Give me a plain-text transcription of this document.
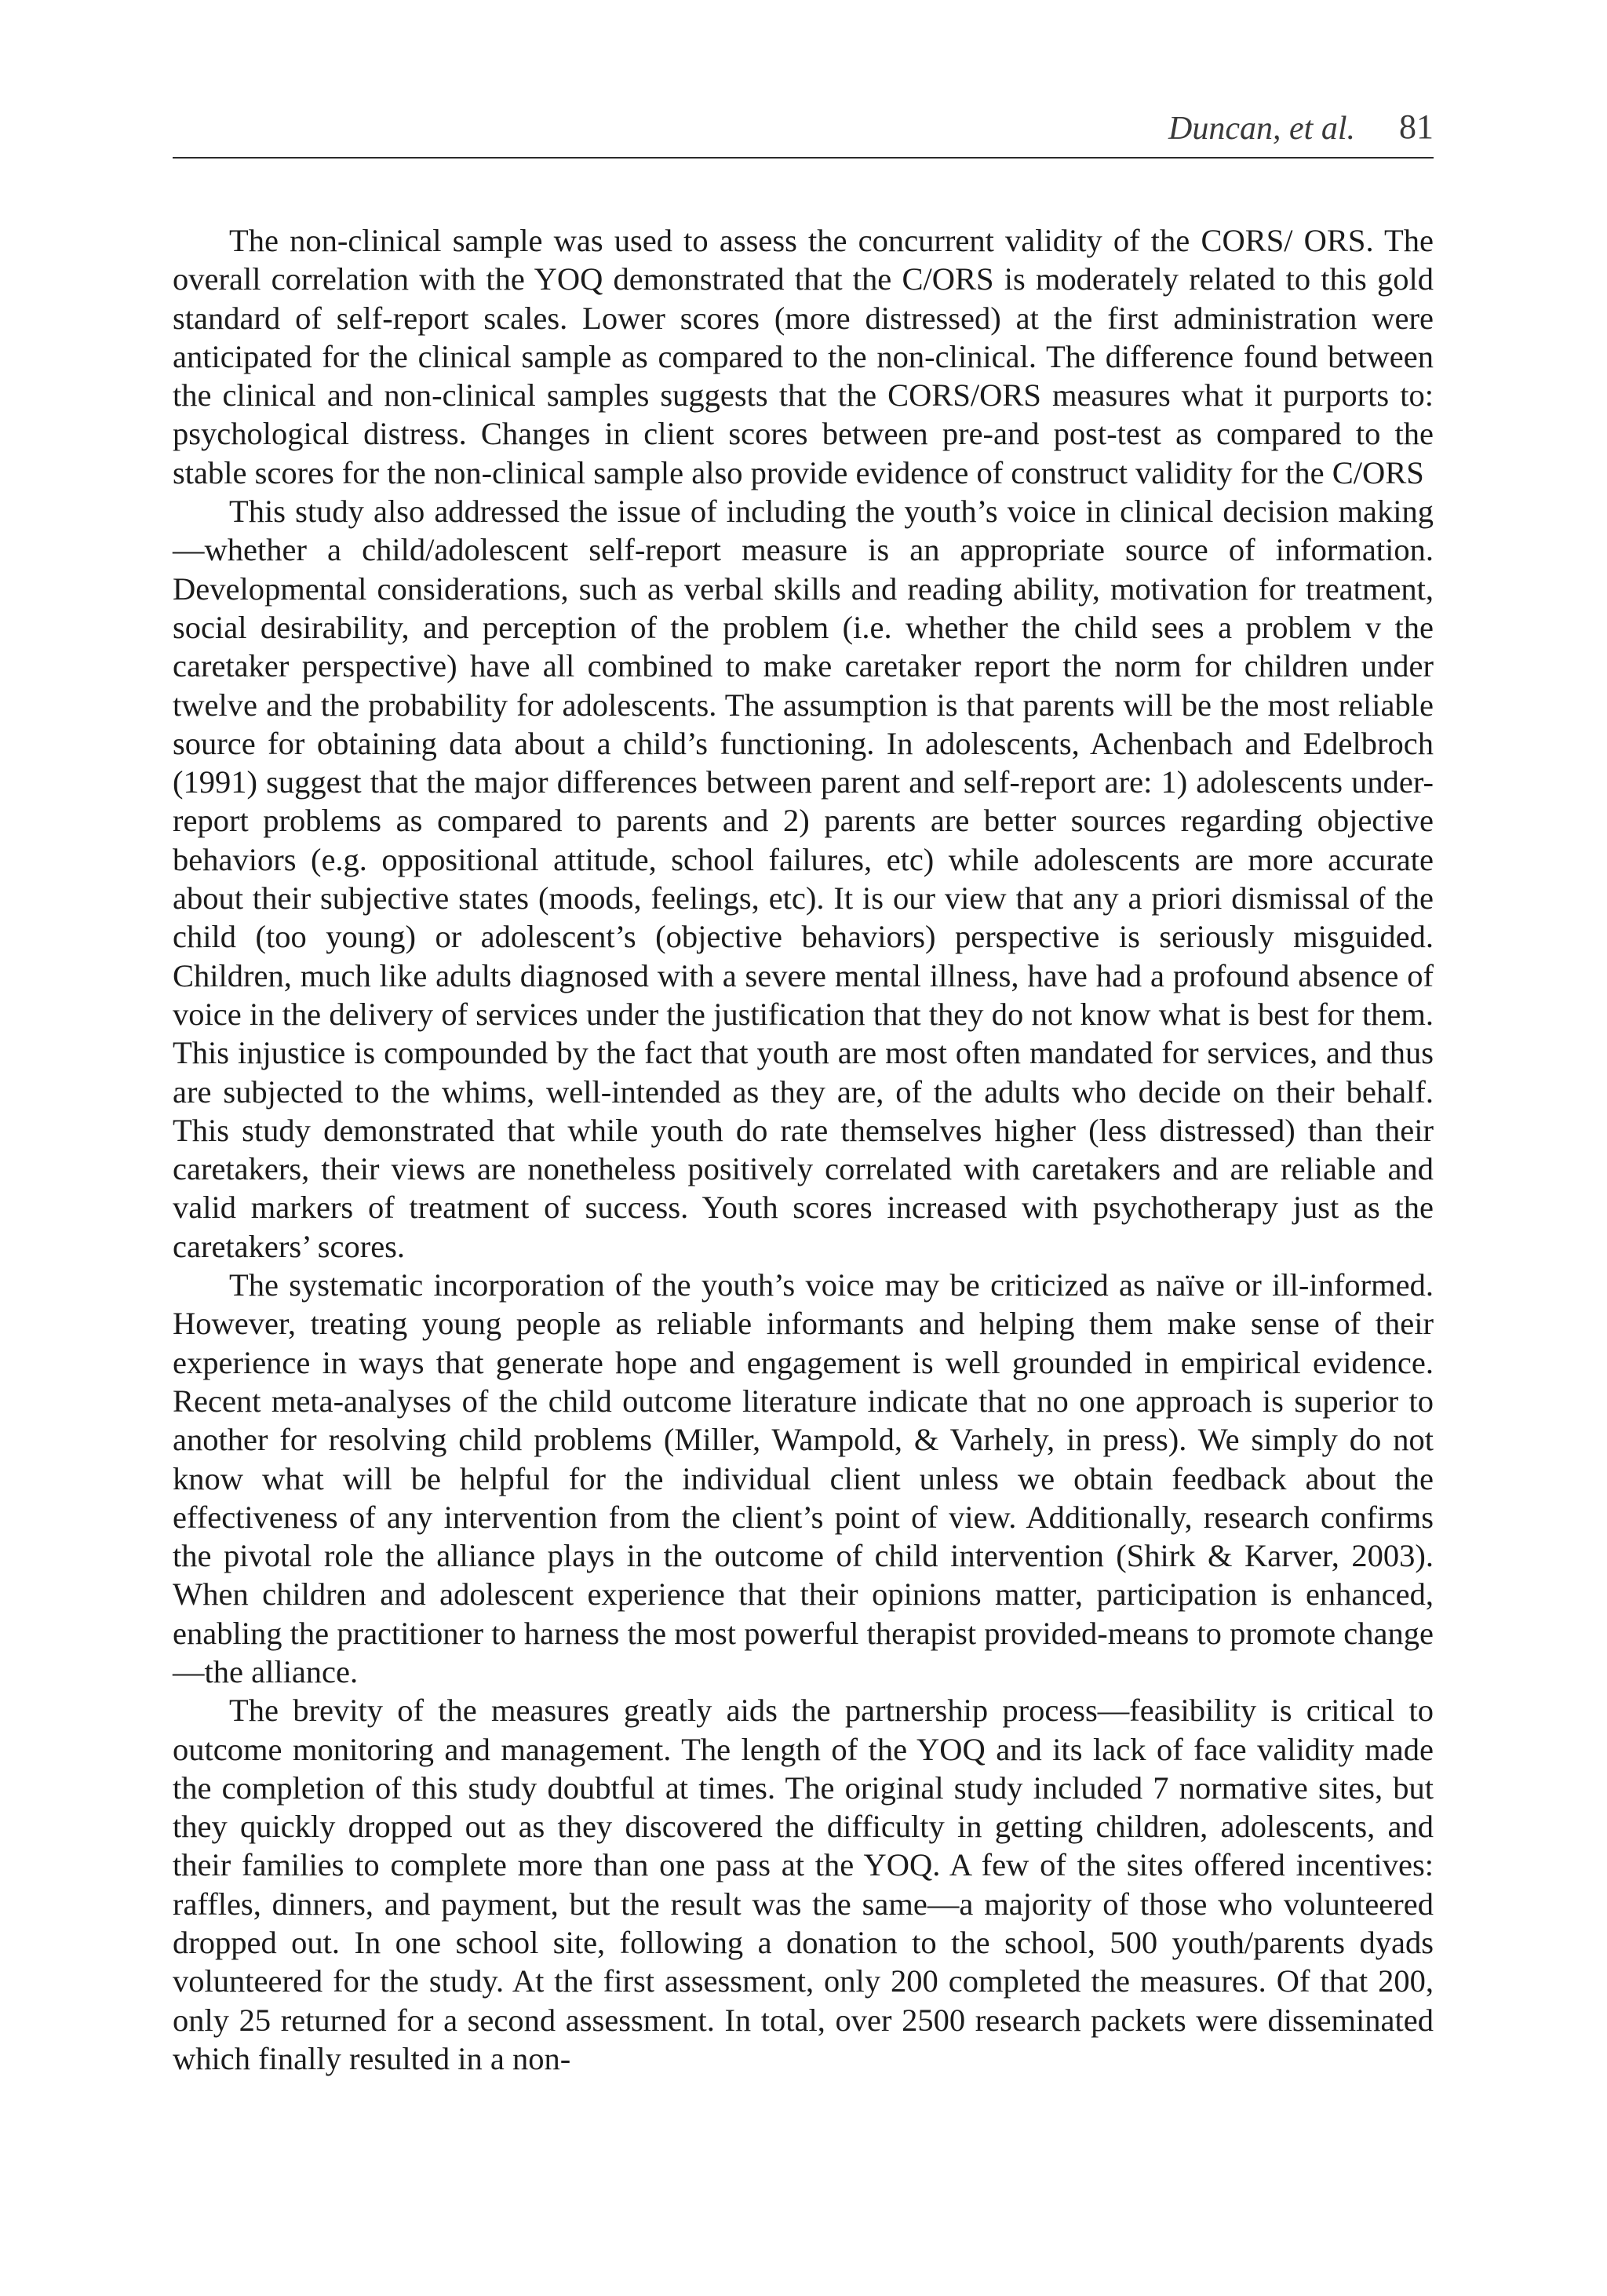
Duncan, et al. 81

The non-clinical sample was used to assess the concurrent validity of the CORS/ ORS. The overall correlation with the YOQ demonstrated that the C/ORS is moderately related to this gold standard of self-report scales. Lower scores (more distressed) at the first administration were anticipated for the clinical sample as compared to the non-clinical. The difference found between the clinical and non-clinical samples suggests that the CORS/ORS measures what it purports to: psychological distress. Changes in client scores between pre-and post-test as compared to the stable scores for the non-clinical sample also provide evidence of construct validity for the C/ORS

This study also addressed the issue of including the youth’s voice in clinical decision making—whether a child/adolescent self-report measure is an appropriate source of information. Developmental considerations, such as verbal skills and reading ability, motivation for treatment, social desirability, and perception of the problem (i.e. whether the child sees a problem v the caretaker perspective) have all combined to make caretaker report the norm for children under twelve and the probability for adolescents. The assumption is that parents will be the most reliable source for obtaining data about a child’s functioning. In adolescents, Achenbach and Edelbroch (1991) suggest that the major differences between parent and self-report are: 1) adolescents under-report problems as compared to parents and 2) parents are better sources regarding objective behaviors (e.g. oppositional attitude, school failures, etc) while adolescents are more accurate about their subjective states (moods, feelings, etc). It is our view that any a priori dismissal of the child (too young) or adolescent’s (objective behaviors) perspective is seriously misguided. Children, much like adults diagnosed with a severe mental illness, have had a profound absence of voice in the delivery of services under the justification that they do not know what is best for them. This injustice is compounded by the fact that youth are most often mandated for services, and thus are subjected to the whims, well-intended as they are, of the adults who decide on their behalf. This study demonstrated that while youth do rate themselves higher (less distressed) than their caretakers, their views are nonetheless positively correlated with caretakers and are reliable and valid markers of treatment of success. Youth scores increased with psychotherapy just as the caretakers’ scores.

The systematic incorporation of the youth’s voice may be criticized as naïve or ill-informed. However, treating young people as reliable informants and helping them make sense of their experience in ways that generate hope and engagement is well grounded in empirical evidence. Recent meta-analyses of the child outcome literature indicate that no one approach is superior to another for resolving child problems (Miller, Wampold, & Varhely, in press). We simply do not know what will be helpful for the individual client unless we obtain feedback about the effectiveness of any intervention from the client’s point of view. Additionally, research confirms the pivotal role the alliance plays in the outcome of child intervention (Shirk & Karver, 2003). When children and adolescent experience that their opinions matter, participation is enhanced, enabling the practitioner to harness the most powerful therapist provided-means to promote change—the alliance.

The brevity of the measures greatly aids the partnership process—feasibility is critical to outcome monitoring and management. The length of the YOQ and its lack of face validity made the completion of this study doubtful at times. The original study included 7 normative sites, but they quickly dropped out as they discovered the difficulty in getting children, adolescents, and their families to complete more than one pass at the YOQ. A few of the sites offered incentives: raffles, dinners, and payment, but the result was the same—a majority of those who volunteered dropped out. In one school site, following a donation to the school, 500 youth/parents dyads volunteered for the study. At the first assessment, only 200 completed the measures. Of that 200, only 25 returned for a second assessment. In total, over 2500 research packets were disseminated which finally resulted in a non-
